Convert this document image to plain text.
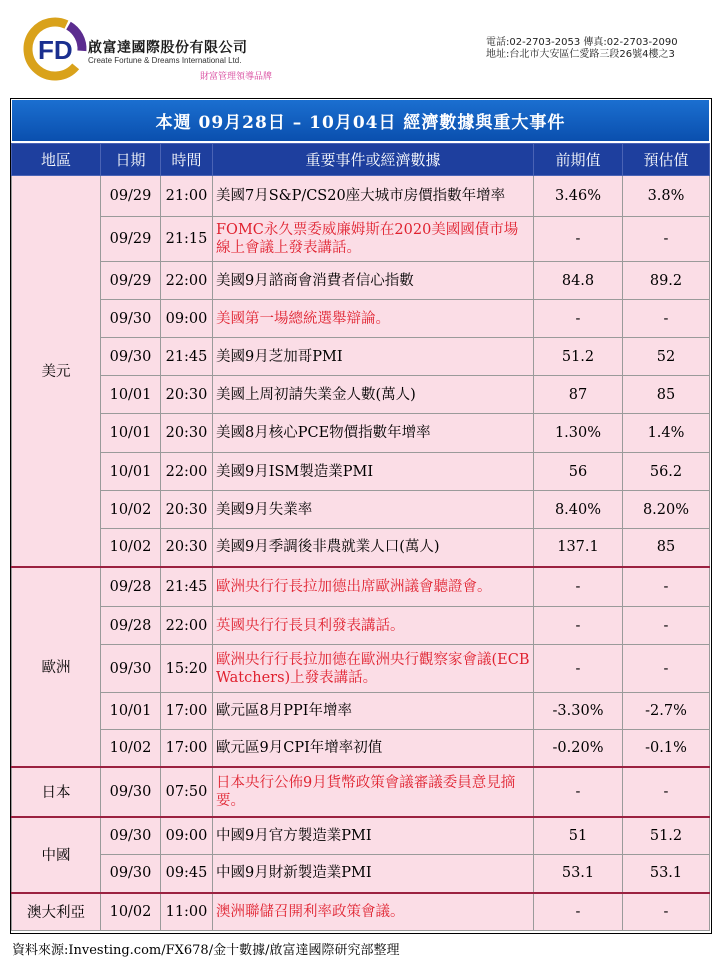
FD 啟富達國際股份有限公司
Create Fortune & Dreams International Ltd.
財富管理領導品牌
電話:02-2703-2053 傳真:02-2703-2090
地址:台北市大安區仁愛路三段26號4樓之3
本週 09月28日 – 10月04日 經濟數據與重大事件
地區	日期	時間	重要事件或經濟數據	前期值	預估值
美元	09/29	21:00	美國7月S&P/CS20座大城市房價指數年增率	3.46%	3.8%
	09/29	21:15	FOMC永久票委威廉姆斯在2020美國國債市場線上會議上發表講話。	-	-
	09/29	22:00	美國9月諮商會消費者信心指數	84.8	89.2
	09/30	09:00	美國第一場總統選舉辯論。	-	-
	09/30	21:45	美國9月芝加哥PMI	51.2	52
	10/01	20:30	美國上周初請失業金人數(萬人)	87	85
	10/01	20:30	美國8月核心PCE物價指數年增率	1.30%	1.4%
	10/01	22:00	美國9月ISM製造業PMI	56	56.2
	10/02	20:30	美國9月失業率	8.40%	8.20%
	10/02	20:30	美國9月季調後非農就業人口(萬人)	137.1	85
歐洲	09/28	21:45	歐洲央行行長拉加德出席歐洲議會聽證會。	-	-
	09/28	22:00	英國央行行長貝利發表講話。	-	-
	09/30	15:20	歐洲央行行長拉加德在歐洲央行觀察家會議(ECB Watchers)上發表講話。	-	-
	10/01	17:00	歐元區8月PPI年增率	-3.30%	-2.7%
	10/02	17:00	歐元區9月CPI年增率初值	-0.20%	-0.1%
日本	09/30	07:50	日本央行公佈9月貨幣政策會議審議委員意見摘要。	-	-
中國	09/30	09:00	中國9月官方製造業PMI	51	51.2
	09/30	09:45	中國9月財新製造業PMI	53.1	53.1
澳大利亞	10/02	11:00	澳洲聯儲召開利率政策會議。	-	-
資料來源:Investing.com/FX678/金十數據/啟富達國際研究部整理
